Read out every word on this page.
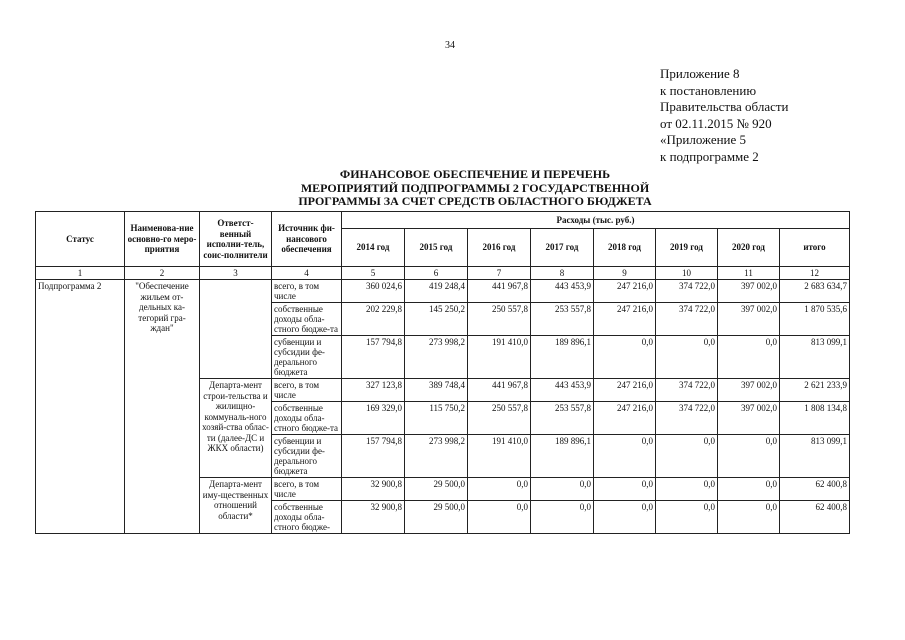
34
Приложение 8
к постановлению
Правительства области
от 02.11.2015 № 920
«Приложение 5
к подпрограмме 2
ФИНАНСОВОЕ ОБЕСПЕЧЕНИЕ И ПЕРЕЧЕНЬ
МЕРОПРИЯТИЙ ПОДПРОГРАММЫ 2 ГОСУДАРСТВЕННОЙ
ПРОГРАММЫ ЗА СЧЕТ СРЕДСТВ ОБЛАСТНОГО БЮДЖЕТА
Статус	Наименова-ние основно-го меро-приятия	Ответст-венный исполни-тель, соис-полнители	Источник фи-нансового обеспечения	Расходы (тыс. руб.)							
				2014 год	2015 год	2016 год	2017 год	2018 год	2019 год	2020 год	итого
1	2	3	4	5	6	7	8	9	10	11	12
Подпрограмма 2	"Обеспечение жильем от-дельных ка-тегорий гра-ждан"		всего, в том числе	360 024,6	419 248,4	441 967,8	443 453,9	247 216,0	374 722,0	397 002,0	2 683 634,7
			собственные доходы обла-стного бюдже-та	202 229,8	145 250,2	250 557,8	253 557,8	247 216,0	374 722,0	397 002,0	1 870 535,6
			субвенции и субсидии фе-дерального бюджета	157 794,8	273 998,2	191 410,0	189 896,1	0,0	0,0	0,0	813 099,1
		Департа-мент строи-тельства и жилищно-коммуналь-ного хозяй-ства облас-ти (далее-ДС и ЖКХ области)	всего, в том числе	327 123,8	389 748,4	441 967,8	443 453,9	247 216,0	374 722,0	397 002,0	2 621 233,9
			собственные доходы обла-стного бюдже-та	169 329,0	115 750,2	250 557,8	253 557,8	247 216,0	374 722,0	397 002,0	1 808 134,8
			субвенции и субсидии фе-дерального бюджета	157 794,8	273 998,2	191 410,0	189 896,1	0,0	0,0	0,0	813 099,1
		Департа-мент иму-щественных отношений области*	всего, в том числе	32 900,8	29 500,0	0,0	0,0	0,0	0,0	0,0	62 400,8
			собственные доходы обла-стного бюдже-	32 900,8	29 500,0	0,0	0,0	0,0	0,0	0,0	62 400,8
